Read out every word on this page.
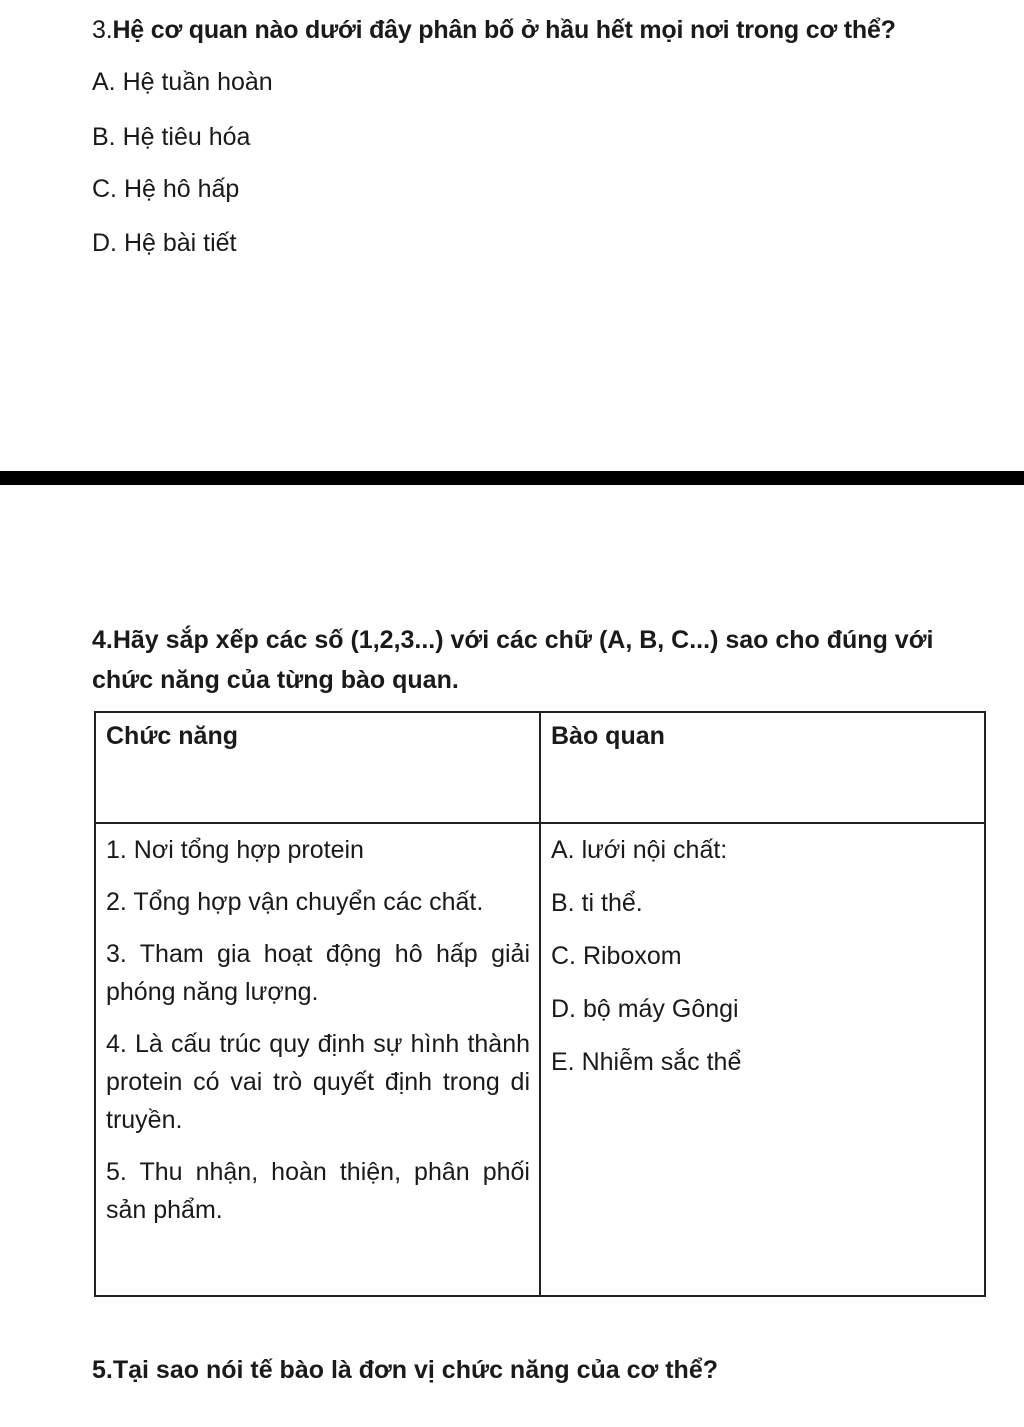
3.Hệ cơ quan nào dưới đây phân bố ở hầu hết mọi nơi trong cơ thể?
A. Hệ tuần hoàn
B. Hệ tiêu hóa
C. Hệ hô hấp
D. Hệ bài tiết
4.Hãy sắp xếp các số (1,2,3...) với các chữ (A, B, C...) sao cho đúng với chức năng của từng bào quan.
Chức năng	Bào quan

1. Nơi tổng hợp protein

2. Tổng hợp vận chuyển các chất.

3. Tham gia hoạt động hô hấp giải phóng năng lượng.

4. Là cấu trúc quy định sự hình thành protein có vai trò quyết định trong di truyền.

5. Thu nhận, hoàn thiện, phân phối sản phẩm.

A. lưới nội chất:

B. ti thể.

C. Riboxom

D. bộ máy Gôngi

E. Nhiễm sắc thể

5.Tại sao nói tế bào là đơn vị chức năng của cơ thể?
